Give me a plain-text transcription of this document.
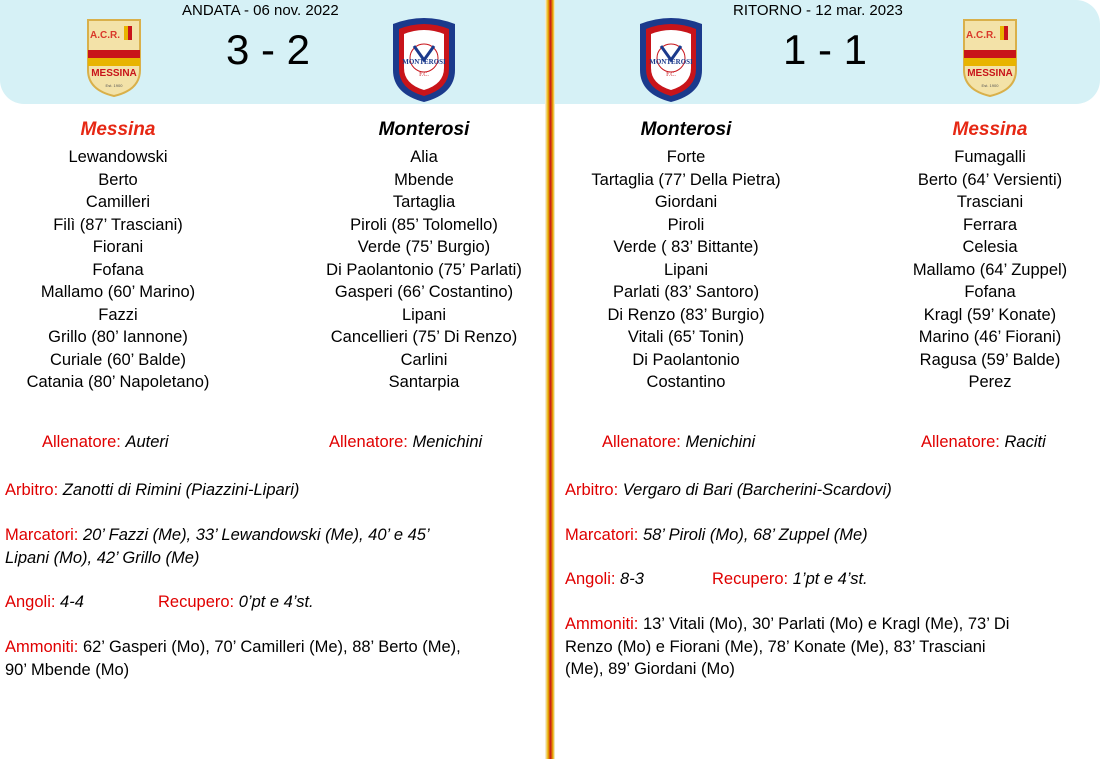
A.C.R.
MESSINA
Est. 1900
ANDATA - 06 nov. 2022
3 - 2	MONTEROSI
F.C.
Messina
Lewandowski
Berto
Camilleri
Filì (87’ Trasciani)
Fiorani
Fofana
Mallamo (60’ Marino)
Fazzi
Grillo (80’ Iannone)
Curiale (60’ Balde)
Catania (80’ Napoletano)
Monterosi
Alia
Mbende
Tartaglia
Piroli (85’ Tolomello)
Verde (75’ Burgio)
Di Paolantonio (75’ Parlati)
Gasperi (66’ Costantino)
Lipani
Cancellieri (75’ Di Renzo)
Carlini
Santarpia
Allenatore: Auteri	Allenatore: Menichini
Arbitro: Zanotti di Rimini (Piazzini-Lipari)
Marcatori: 20’ Fazzi (Me), 33’ Lewandowski (Me), 40’ e 45’
Lipani (Mo), 42’ Grillo (Me)
Angoli: 4-4	Recupero: 0’pt e 4’st.
Ammoniti: 62’ Gasperi (Mo), 70’ Camilleri (Me), 88’ Berto (Me),
90’ Mbende (Mo)
MONTEROSI
F.C.
RITORNO - 12 mar. 2023
1 - 1	A.C.R.
MESSINA
Est. 1900
Monterosi
Forte
Tartaglia (77’ Della Pietra)
Giordani
Piroli
Verde ( 83’ Bittante)
Lipani
Parlati (83’ Santoro)
Di Renzo (83’ Burgio)
Vitali (65’ Tonin)
Di Paolantonio
Costantino
Messina
Fumagalli
Berto (64’ Versienti)
Trasciani
Ferrara
Celesia
Mallamo (64’ Zuppel)
Fofana
Kragl (59’ Konate)
Marino (46’ Fiorani)
Ragusa (59’ Balde)
Perez
Allenatore: Menichini	Allenatore: Raciti
Arbitro: Vergaro di Bari (Barcherini-Scardovi)
Marcatori: 58’ Piroli (Mo), 68’ Zuppel (Me)
Angoli: 8-3	Recupero: 1’pt e 4’st.
Ammoniti: 13’ Vitali (Mo), 30’ Parlati (Mo) e Kragl (Me), 73’ Di
Renzo (Mo) e Fiorani (Me), 78’ Konate (Me), 83’ Trasciani
(Me), 89’ Giordani (Mo)
